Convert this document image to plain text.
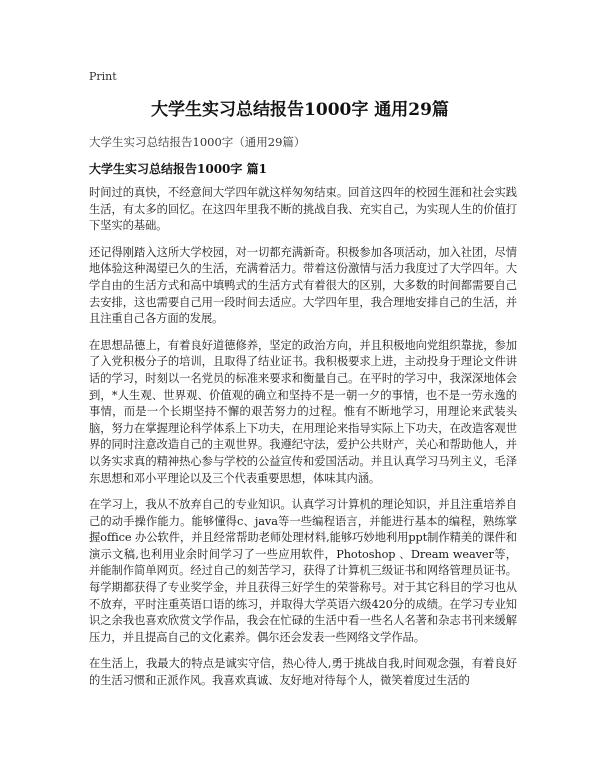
Print
大学生实习总结报告1000字 通用29篇
大学生实习总结报告1000字（通用29篇）
大学生实习总结报告1000字 篇1

时间过的真快，不经意间大学四年就这样匆匆结束。回首这四年的校园生涯和社会实践生活，有太多的回忆。在这四年里我不断的挑战自我、充实自己，为实现人生的价值打下坚实的基础。

还记得刚踏入这所大学校园，对一切都充满新奇。积极参加各项活动，加入社团，尽情地体验这种渴望已久的生活，充满着活力。带着这份激情与活力我度过了大学四年。大学自由的生活方式和高中填鸭式的生活方式有着很大的区别，大多数的时间都需要自己去安排，这也需要自己用一段时间去适应。大学四年里，我合理地安排自己的生活，并且注重自己各方面的发展。

在思想品德上，有着良好道德修养，坚定的政治方向，并且积极地向党组织靠拢，参加了入党积极分子的培训，且取得了结业证书。我积极要求上进，主动投身于理论文件讲话的学习，时刻以一名党员的标准来要求和衡量自己。在平时的学习中，我深深地体会到，*人生观、世界观、价值观的确立和坚持不是一朝一夕的事情，也不是一劳永逸的事情，而是一个长期坚持不懈的艰苦努力的过程。惟有不断地学习，用理论来武装头脑，努力在掌握理论科学体系上下功夫，在用理论来指导实际上下功夫，在改造客观世界的同时注意改造自己的主观世界。我遵纪守法，爱护公共财产，关心和帮助他人，并以务实求真的精神热心参与学校的公益宣传和爱国活动。并且认真学习马列主义，毛泽东思想和邓小平理论以及三个代表重要思想，体味其内涵。

在学习上，我从不放弃自己的专业知识。认真学习计算机的理论知识，并且注重培养自己的动手操作能力。能够懂得c、java等一些编程语言，并能进行基本的编程，熟练掌握office 办公软件，并且经常帮助老师处理材料,能够巧妙地利用ppt制作精美的课件和演示文稿,也利用业余时间学习了一些应用软件，Photoshop 、Dream weaver等，并能制作简单网页。经过自己的刻苦学习，获得了计算机三级证书和网络管理员证书。每学期都获得了专业奖学金，并且获得三好学生的荣誉称号。对于其它科目的学习也从不放弃，平时注重英语口语的练习，并取得大学英语六级420分的成绩。在学习专业知识之余我也喜欢欣赏文学作品，我会在忙碌的生活中看一些名人名著和杂志书刊来缓解压力，并且提高自己的文化素养。偶尔还会发表一些网络文学作品。

在生活上，我最大的特点是诚实守信，热心待人,勇于挑战自我,时间观念强，有着良好的生活习惯和正派作风。我喜欢真诚、友好地对待每个人，微笑着度过生活的
